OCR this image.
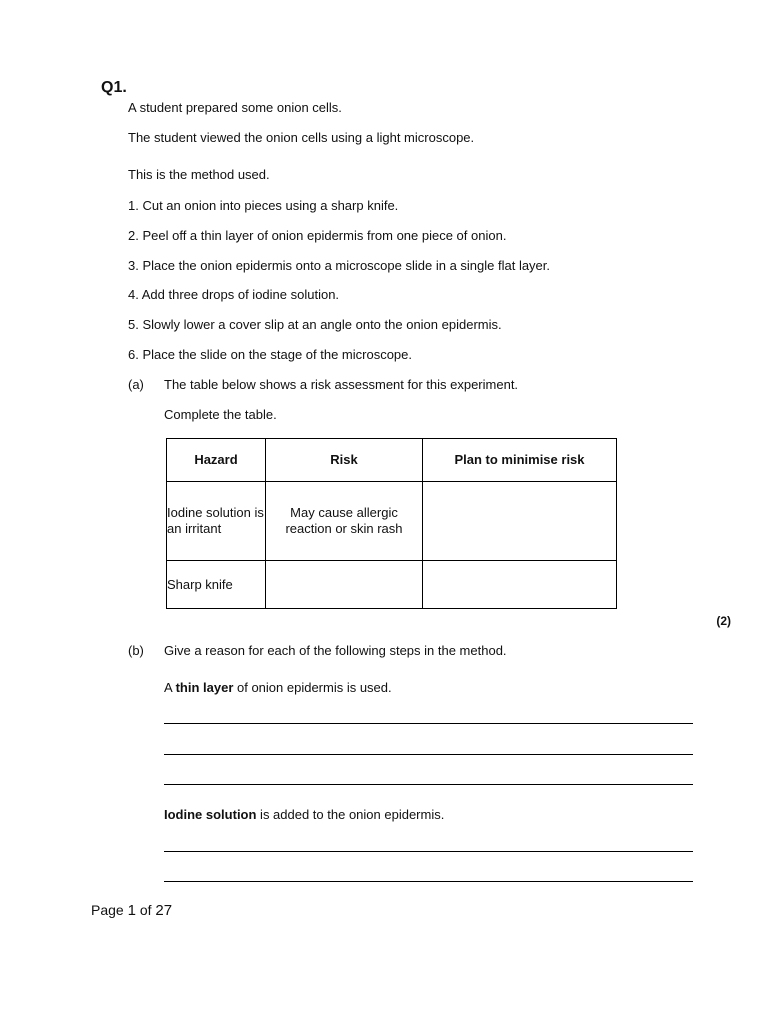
Q1.
A student prepared some onion cells.
The student viewed the onion cells using a light microscope.
This is the method used.
1. Cut an onion into pieces using a sharp knife.
2. Peel off a thin layer of onion epidermis from one piece of onion.
3. Place the onion epidermis onto a microscope slide in a single flat layer.
4. Add three drops of iodine solution.
5. Slowly lower a cover slip at an angle onto the onion epidermis.
6. Place the slide on the stage of the microscope.
(a) The table below shows a risk assessment for this experiment.
Complete the table.
Hazard	Risk	Plan to minimise risk
Iodine solution is an irritant	May cause allergic reaction or skin rash	
Sharp knife		
(2)
(b) Give a reason for each of the following steps in the method.
A thin layer of onion epidermis is used.
Iodine solution is added to the onion epidermis.
Page 1 of 27
